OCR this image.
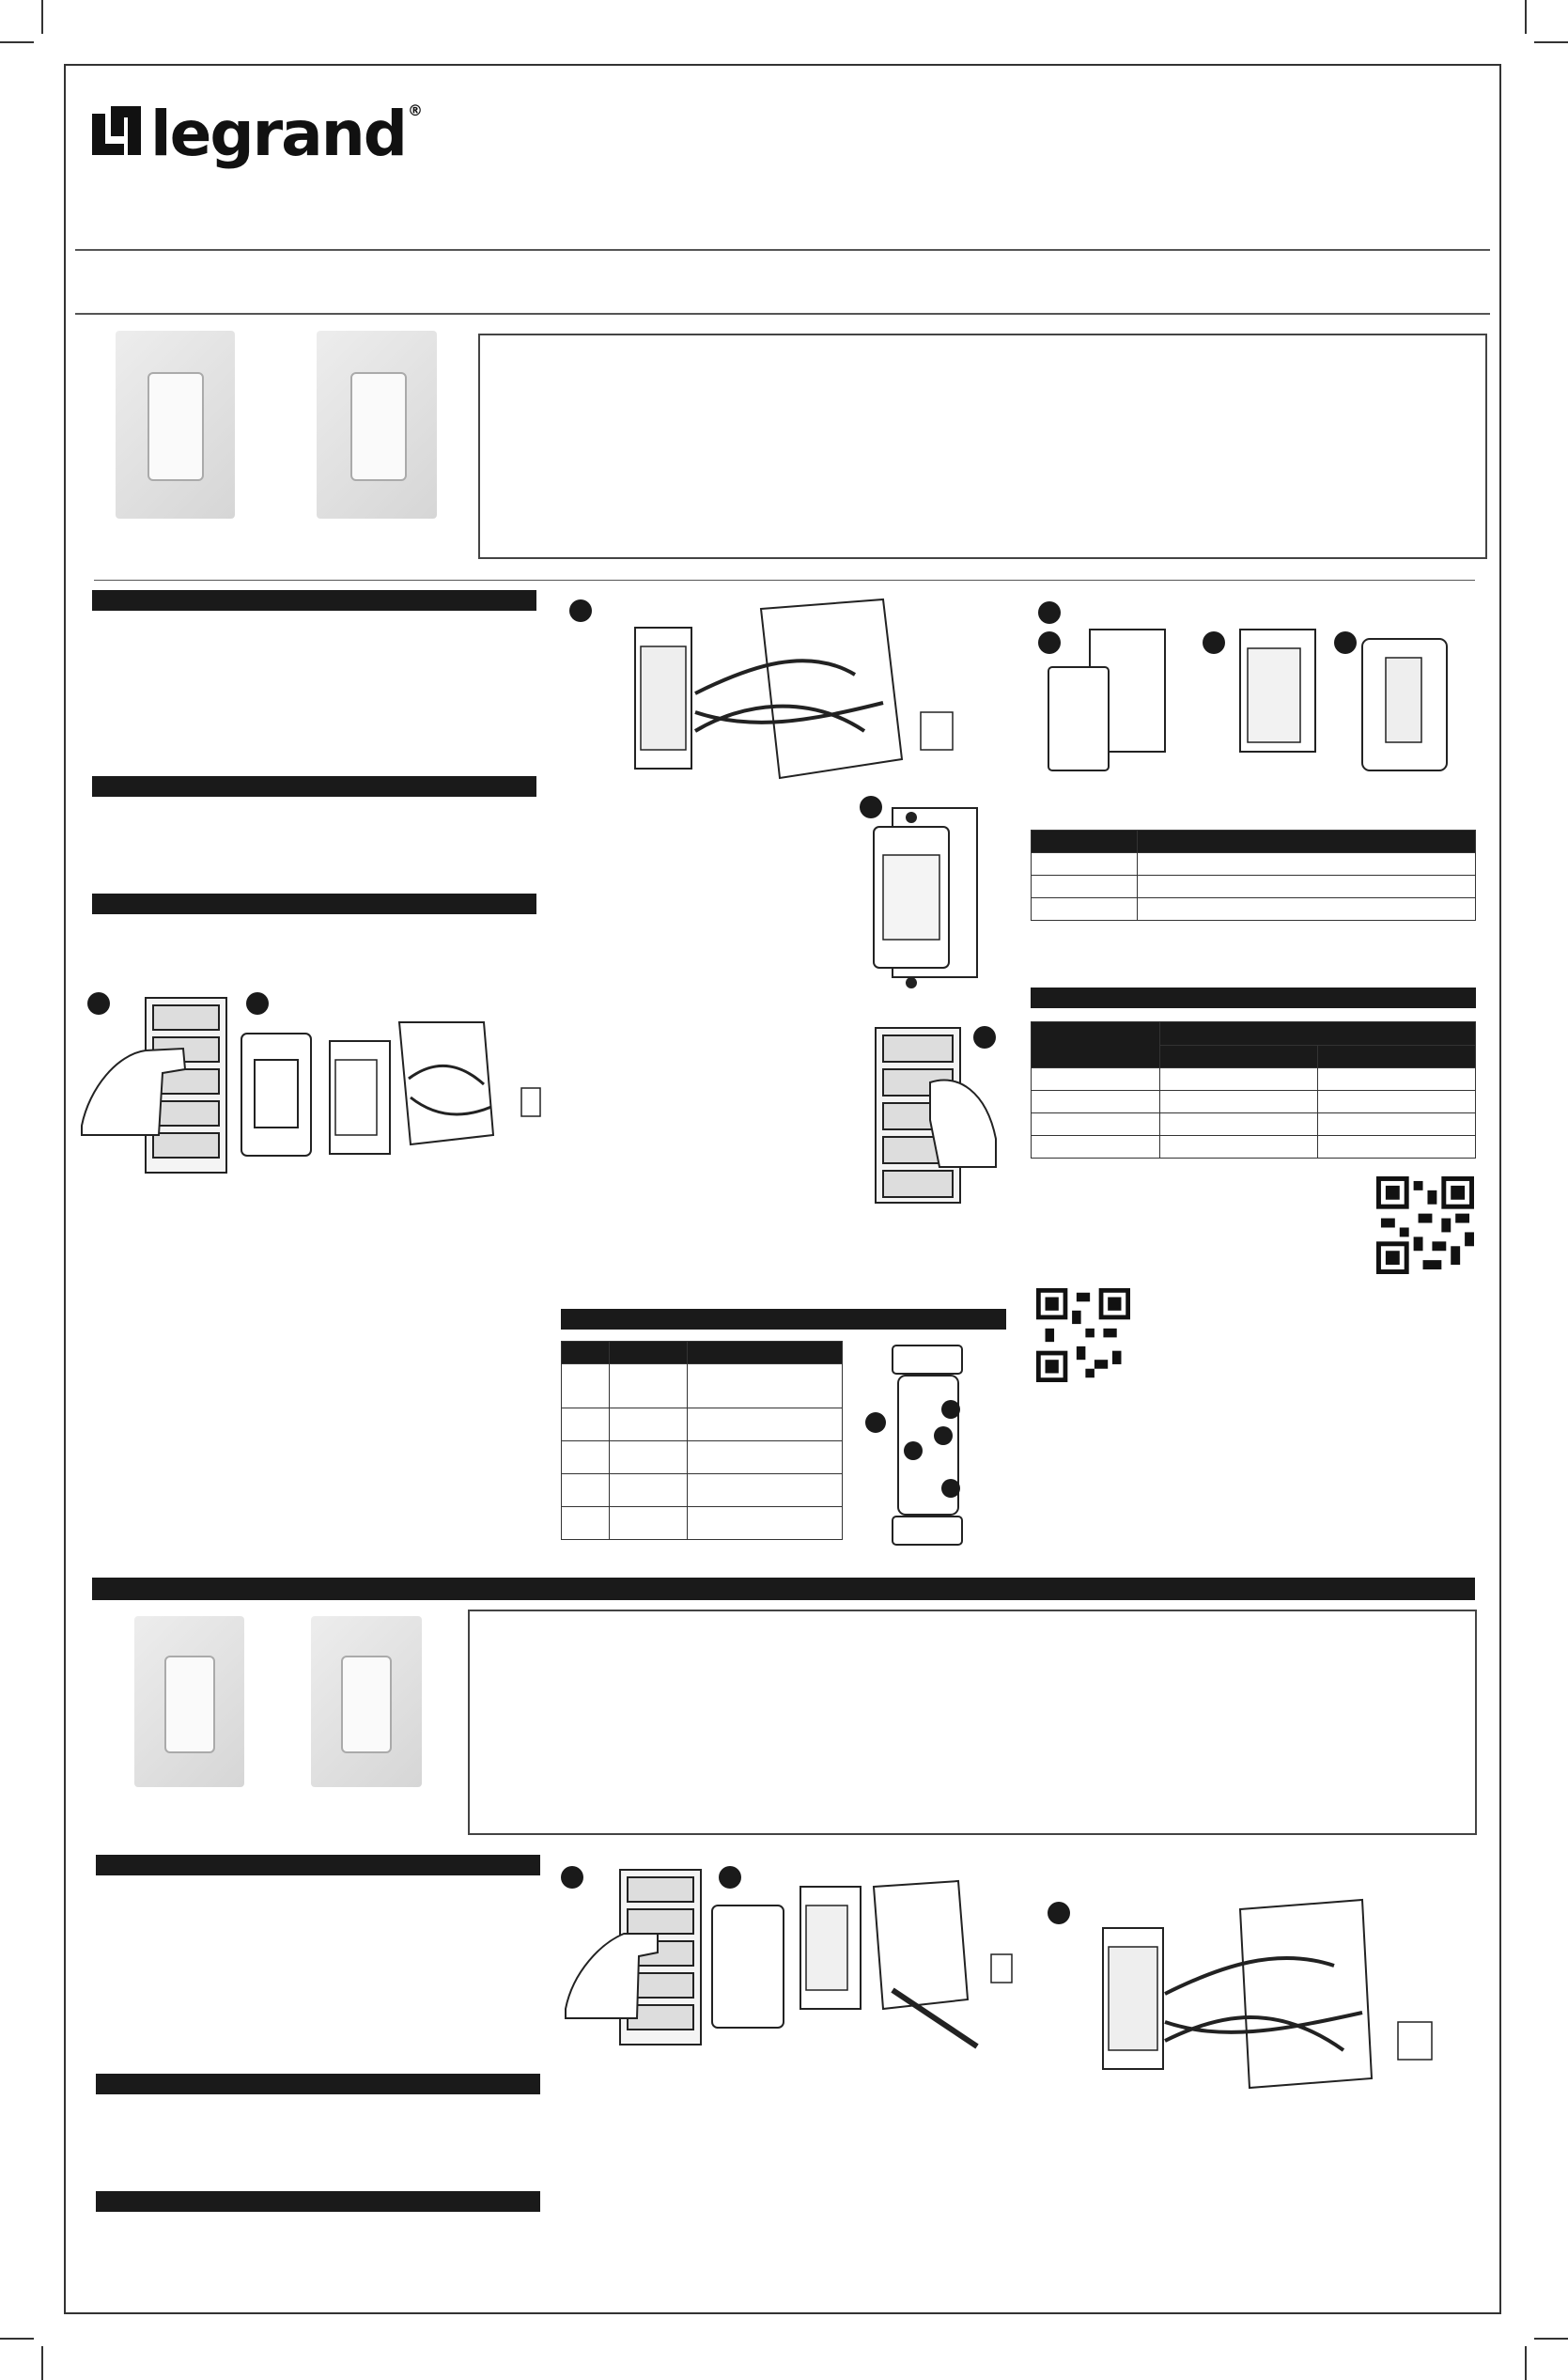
legrand ®
